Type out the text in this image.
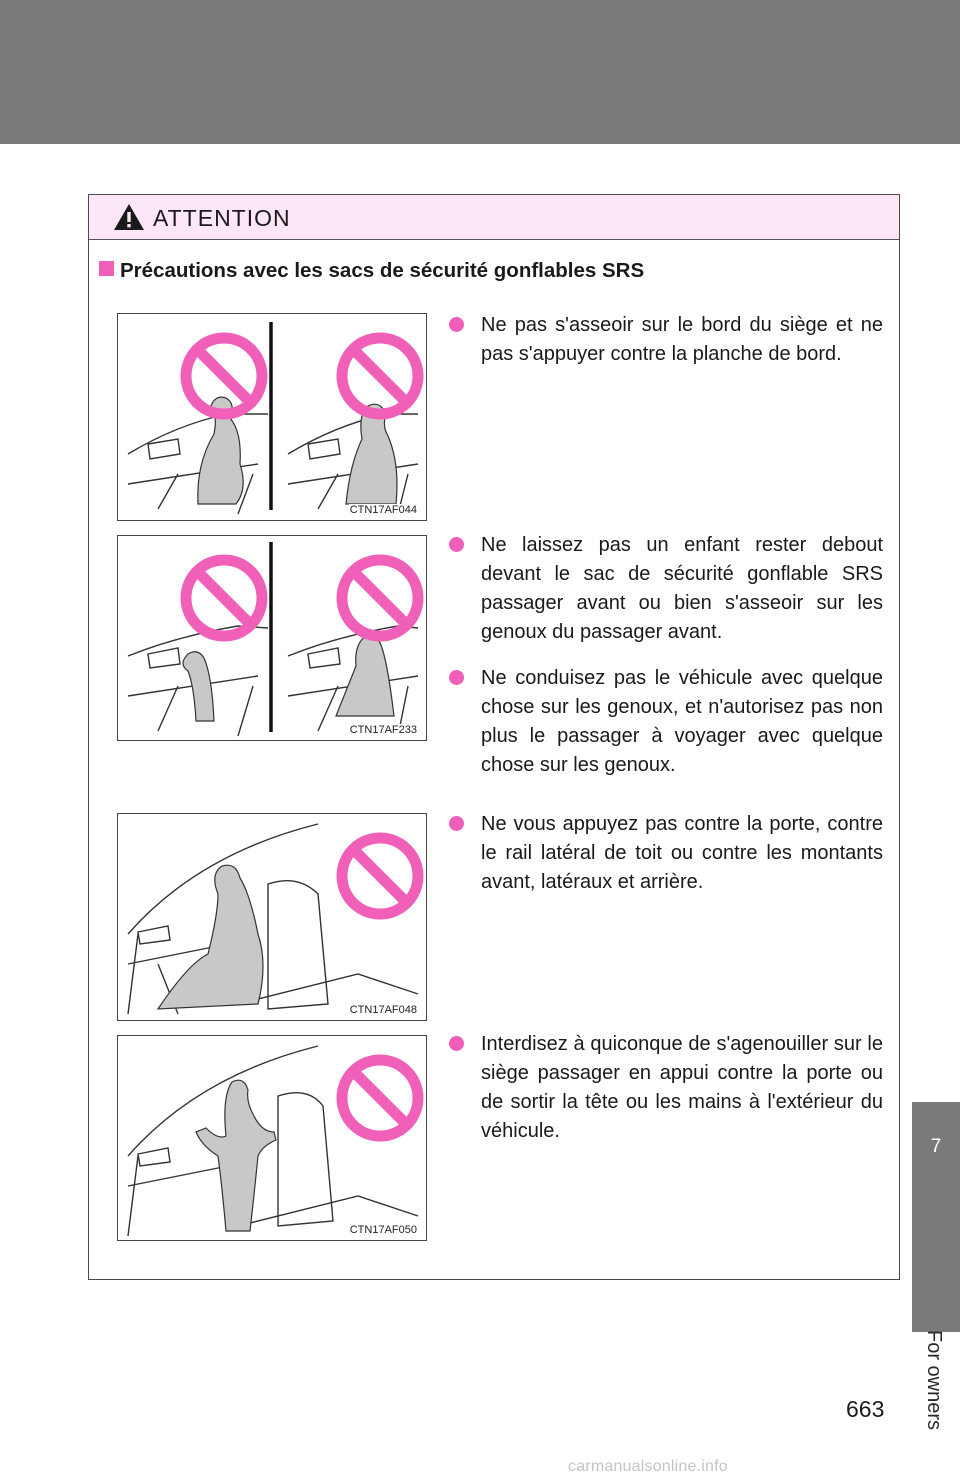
ATTENTION
Précautions avec les sacs de sécurité gonflables SRS
CTN17AF044
CTN17AF233
CTN17AF048
CTN17AF050
Ne pas s'asseoir sur le bord du siège et ne pas s'appuyer contre la planche de bord.
Ne laissez pas un enfant rester debout devant le sac de sécurité gonflable SRS passager avant ou bien s'asseoir sur les genoux du passager avant.
Ne conduisez pas le véhicule avec quelque chose sur les genoux, et n'autorisez pas non plus le passager à voyager avec quelque chose sur les genoux.
Ne vous appuyez pas contre la porte, contre le rail latéral de toit ou contre les montants avant, latéraux et arrière.
Interdisez à quiconque de s'agenouiller sur le siège passager en appui contre la porte ou de sortir la tête ou les mains à l'extérieur du véhicule.
7
For owners
663
carmanualsonline.info
